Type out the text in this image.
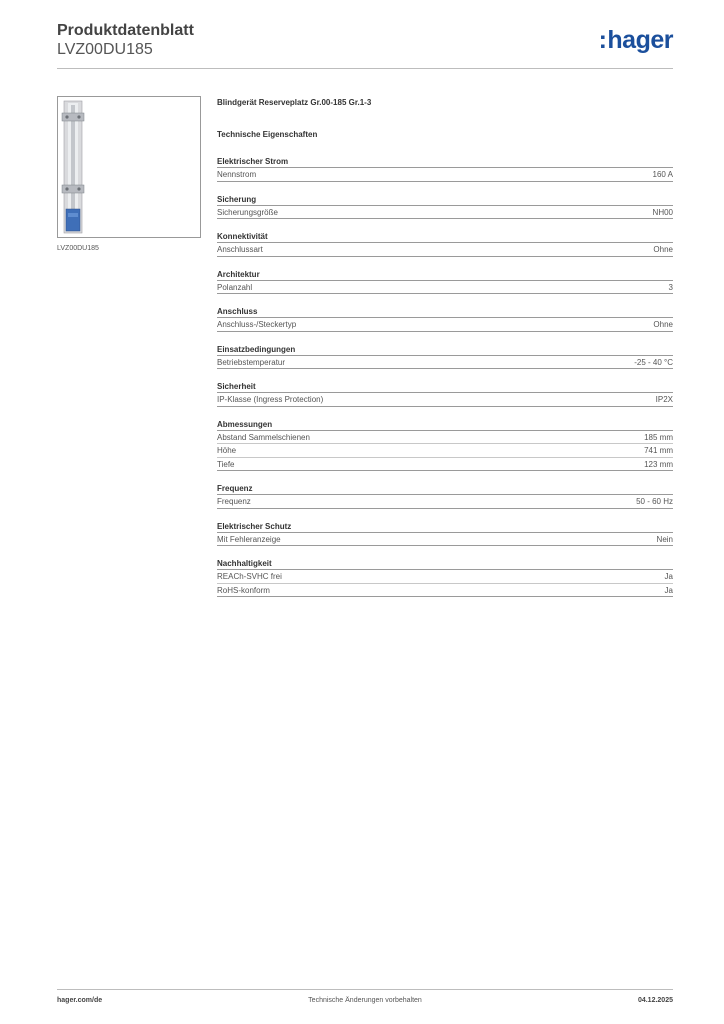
Produktdatenblatt
LVZ00DU185	:hager
LVZ00DU185
Blindgerät Reserveplatz Gr.00-185 Gr.1-3
Technische Eigenschaften
Elektrischer Strom
Nennstrom	160 A
Sicherung
Sicherungsgröße	NH00
Konnektivität
Anschlussart	Ohne
Architektur
Polanzahl	3
Anschluss
Anschluss-/Steckertyp	Ohne
Einsatzbedingungen
Betriebstemperatur	-25 - 40 °C
Sicherheit
IP-Klasse (Ingress Protection)	IP2X
Abmessungen
Abstand Sammelschienen	185 mm
Höhe	741 mm
Tiefe	123 mm
Frequenz
Frequenz	50 - 60 Hz
Elektrischer Schutz
Mit Fehleranzeige	Nein
Nachhaltigkeit
REACh-SVHC frei	Ja
RoHS-konform	Ja
hager.com/de	Technische Änderungen vorbehalten	04.12.2025
